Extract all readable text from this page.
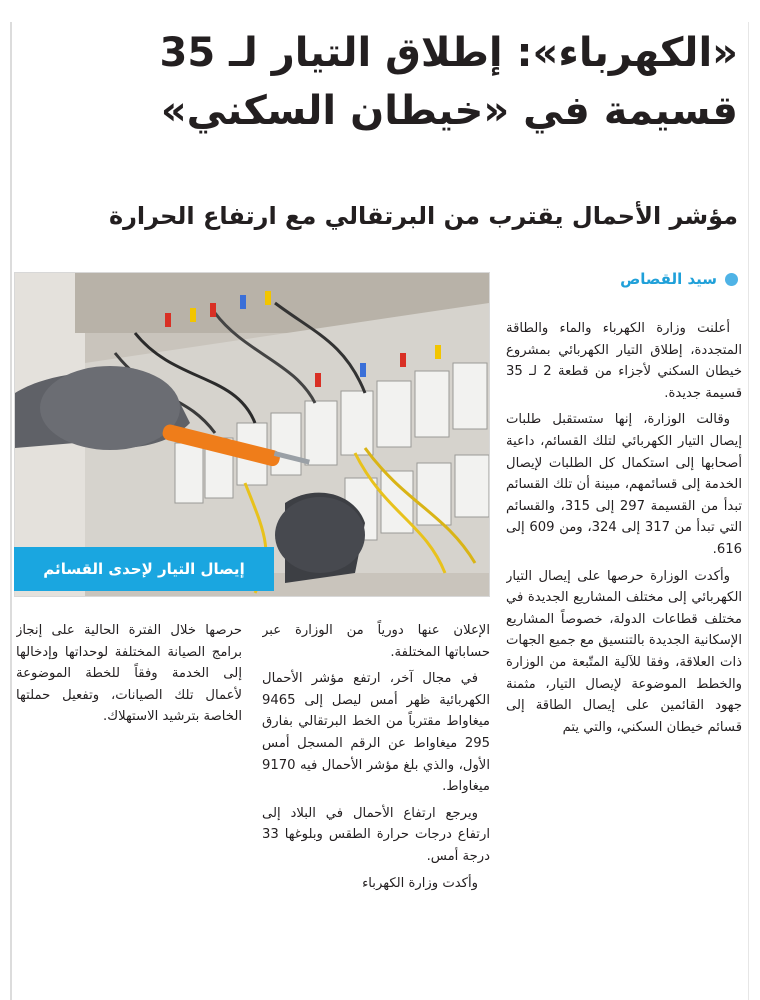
«الكهرباء»: إطلاق التيار لـ 35
قسيمة في «خيطان السكني»
مؤشر الأحمال يقترب من البرتقالي مع ارتفاع الحرارة
سيد القصاص
إيصال التيار لإحدى القسائم

أعلنت وزارة الكهرباء والماء والطاقة المتجددة، إطلاق التيار الكهربائي بمشروع خيطان السكني لأجزاء من قطعة 2 لـ 35 قسيمة جديدة.

وقالت الوزارة، إنها ستستقبل طلبات إيصال التيار الكهربائي لتلك القسائم، داعية أصحابها إلى استكمال كل الطلبات لإيصال الخدمة إلى قسائمهم، مبينة أن تلك القسائم تبدأ من القسيمة 297 إلى 315، والقسائم التي تبدأ من 317 إلى 324، ومن 609 إلى 616.

وأكدت الوزارة حرصها على إيصال التيار الكهربائي إلى مختلف المشاريع الجديدة في مختلف قطاعات الدولة، خصوصاً المشاريع الإسكانية الجديدة بالتنسيق مع جميع الجهات ذات العلاقة، وفقا للآلية المتّبعة من الوزارة والخطط الموضوعة لإيصال التيار، مثمنة جهود القائمين على إيصال الطاقة إلى قسائم خيطان السكني، والتي يتم

الإعلان عنها دورياً من الوزارة عبر حساباتها المختلفة.

في مجال آخر، ارتفع مؤشر الأحمال الكهربائية ظهر أمس ليصل إلى 9465 ميغاواط مقترباً من الخط البرتقالي بفارق 295 ميغاواط عن الرقم المسجل أمس الأول، والذي بلغ مؤشر الأحمال فيه 9170 ميغاواط.

ويرجع ارتفاع الأحمال في البلاد إلى ارتفاع درجات حرارة الطقس وبلوغها 33 درجة أمس.

وأكدت وزارة الكهرباء

حرصها خلال الفترة الحالية على إنجاز برامج الصيانة المختلفة لوحداتها وإدخالها إلى الخدمة وفقاً للخطة الموضوعة لأعمال تلك الصيانات، وتفعيل حملتها الخاصة بترشيد الاستهلاك.
